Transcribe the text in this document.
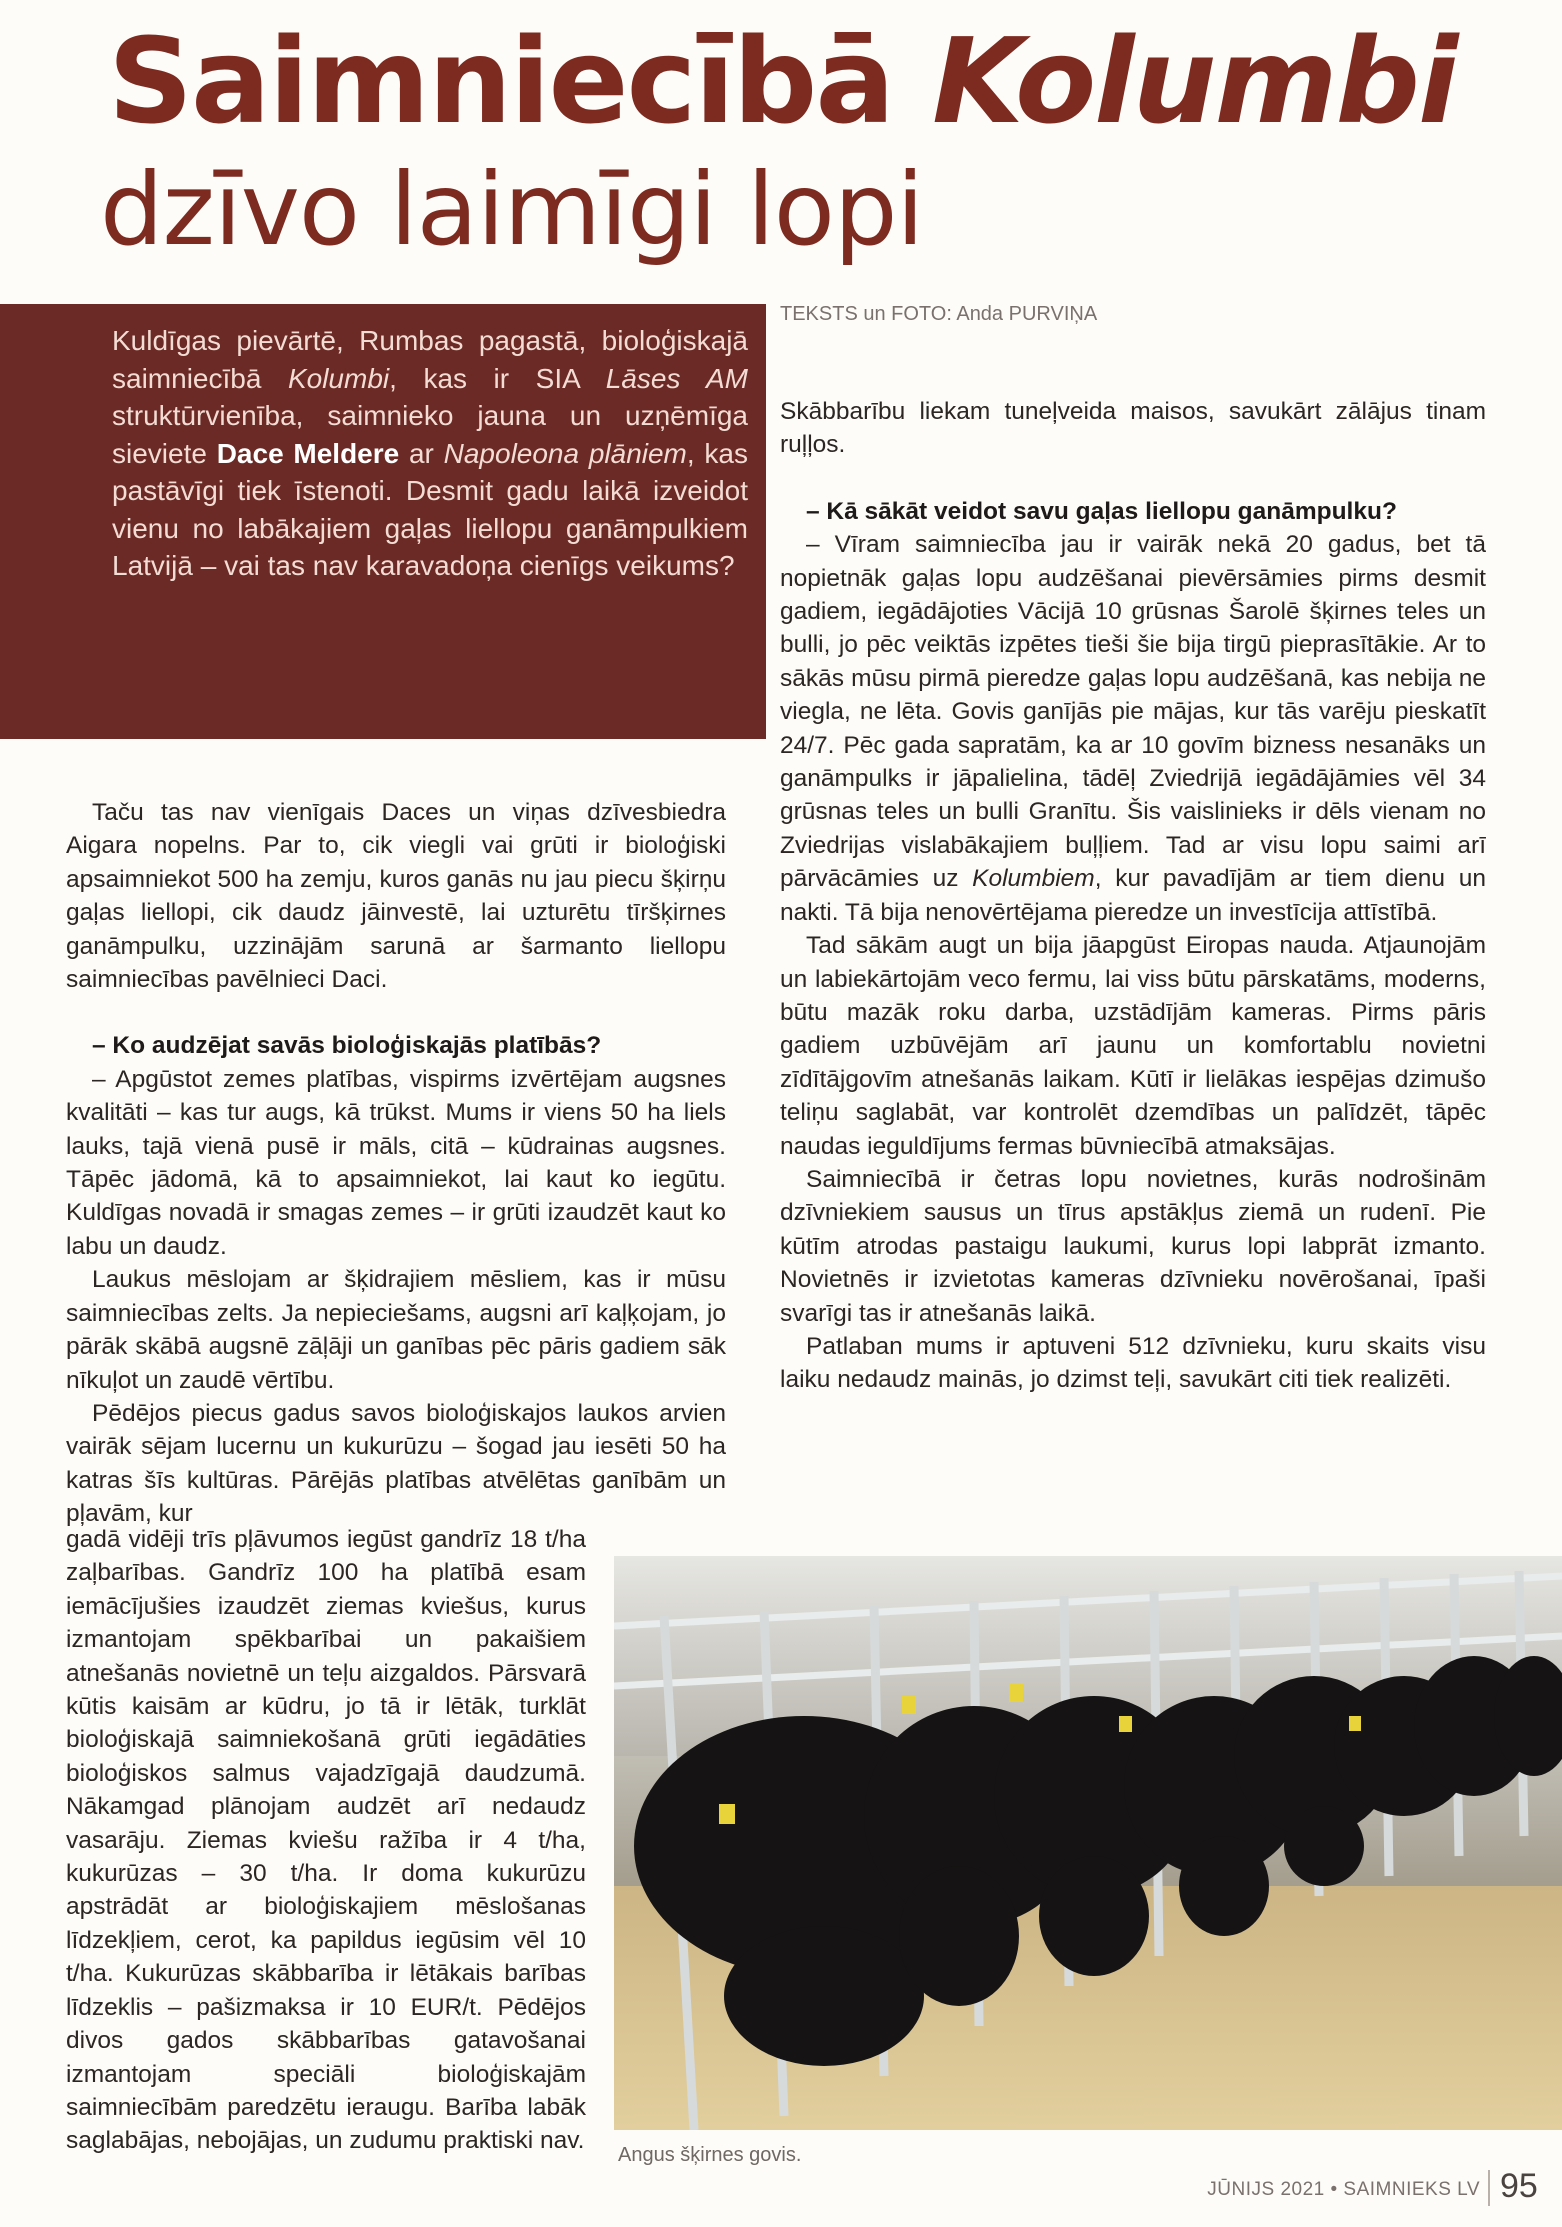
Saimniecībā Kolumbi
dzīvo laimīgi lopi
Kuldīgas pievārtē, Rumbas pagastā, bioloģiskajā saimniecībā Kolumbi, kas ir SIA Lāses AM struktūrvienība, saimnieko jauna un uzņēmīga sieviete Dace Meldere ar Napoleona plāniem, kas pastāvīgi tiek īstenoti. Desmit gadu laikā izveidot vienu no labākajiem gaļas liellopu ganāmpulkiem Latvijā – vai tas nav karavadoņa cienīgs veikums?
TEKSTS un FOTO: Anda PURVIŅA

Taču tas nav vienīgais Daces un viņas dzīvesbiedra Aigara nopelns. Par to, cik viegli vai grūti ir bioloģiski apsaimniekot 500 ha zemju, kuros ganās nu jau piecu šķirņu gaļas liellopi, cik daudz jāinvestē, lai uzturētu tīršķirnes ganāmpulku, uzzinājām sarunā ar šarmanto liellopu saimniecības pavēlnieci Daci.

– Ko audzējat savās bioloģiskajās platībās?

– Apgūstot zemes platības, vispirms izvērtējam augsnes kvalitāti – kas tur augs, kā trūkst. Mums ir viens 50 ha liels lauks, tajā vienā pusē ir māls, citā – kūdrainas augsnes. Tāpēc jādomā, kā to apsaimniekot, lai kaut ko iegūtu. Kuldīgas novadā ir smagas zemes – ir grūti izaudzēt kaut ko labu un daudz.

Laukus mēslojam ar šķidrajiem mēsliem, kas ir mūsu saimniecības zelts. Ja nepieciešams, augsni arī kaļķojam, jo pārāk skābā augsnē zāļāji un ganības pēc pāris gadiem sāk nīkuļot un zaudē vērtību.

Pēdējos piecus gadus savos bioloģiskajos laukos arvien vairāk sējam lucernu un kukurūzu – šogad jau iesēti 50 ha katras šīs kultūras. Pārējās platības atvēlētas ganībām un pļavām, kur

gadā vidēji trīs pļāvumos iegūst gandrīz 18 t/ha zaļbarības. Gandrīz 100 ha platībā esam iemācījušies izaudzēt ziemas kviešus, kurus izmantojam spēkbarībai un pakaišiem atnešanās novietnē un teļu aizgaldos. Pārsvarā kūtis kaisām ar kūdru, jo tā ir lētāk, turklāt bioloģiskajā saimniekošanā grūti iegādāties bioloģiskos salmus vajadzīgajā daudzumā. Nākamgad plānojam audzēt arī nedaudz vasarāju. Ziemas kviešu ražība ir 4 t/ha, kukurūzas – 30 t/ha. Ir doma kukurūzu apstrādāt ar bioloģiskajiem mēslošanas līdzekļiem, cerot, ka papildus iegūsim vēl 10 t/ha. Kukurūzas skābbarība ir lētākais barības līdzeklis – pašizmaksa ir 10 EUR/t. Pēdējos divos gados skābbarības gatavošanai izmantojam speciāli bioloģiskajām saimniecībām paredzētu ieraugu. Barība labāk saglabājas, nebojājas, un zudumu praktiski nav.

Skābbarību liekam tuneļveida maisos, savukārt zālājus tinam ruļļos.

– Kā sākāt veidot savu gaļas liellopu ganāmpulku?

– Vīram saimniecība jau ir vairāk nekā 20 gadus, bet tā nopietnāk gaļas lopu audzēšanai pievērsāmies pirms desmit gadiem, iegādājoties Vācijā 10 grūsnas Šarolē šķirnes teles un bulli, jo pēc veiktās izpētes tieši šie bija tirgū pieprasītākie. Ar to sākās mūsu pirmā pieredze gaļas lopu audzēšanā, kas nebija ne viegla, ne lēta. Govis ganījās pie mājas, kur tās varēju pieskatīt 24/7. Pēc gada sapratām, ka ar 10 govīm bizness nesanāks un ganāmpulks ir jāpalielina, tādēļ Zviedrijā iegādājāmies vēl 34 grūsnas teles un bulli Granītu. Šis vaislinieks ir dēls vienam no Zviedrijas vislabākajiem buļļiem. Tad ar visu lopu saimi arī pārvācāmies uz Kolumbiem, kur pavadījām ar tiem dienu un nakti. Tā bija nenovērtējama pieredze un investīcija attīstībā.

Tad sākām augt un bija jāapgūst Eiropas nauda. Atjaunojām un labiekārtojām veco fermu, lai viss būtu pārskatāms, moderns, būtu mazāk roku darba, uzstādījām kameras. Pirms pāris gadiem uzbūvējām arī jaunu un komfortablu novietni zīdītājgovīm atnešanās laikam. Kūtī ir lielākas iespējas dzimušo teliņu saglabāt, var kontrolēt dzemdības un palīdzēt, tāpēc naudas ieguldījums fermas būvniecībā atmaksājas.

Saimniecībā ir četras lopu novietnes, kurās nodrošinām dzīvniekiem sausus un tīrus apstākļus ziemā un rudenī. Pie kūtīm atrodas pastaigu laukumi, kurus lopi labprāt izmanto. Novietnēs ir izvietotas kameras dzīvnieku novērošanai, īpaši svarīgi tas ir atnešanās laikā.

Patlaban mums ir aptuveni 512 dzīvnieku, kuru skaits visu laiku nedaudz mainās, jo dzimst teļi, savukārt citi tiek realizēti.

Angus šķirnes govis.
JŪNIJS 2021 • SAIMNIEKS LV 95
